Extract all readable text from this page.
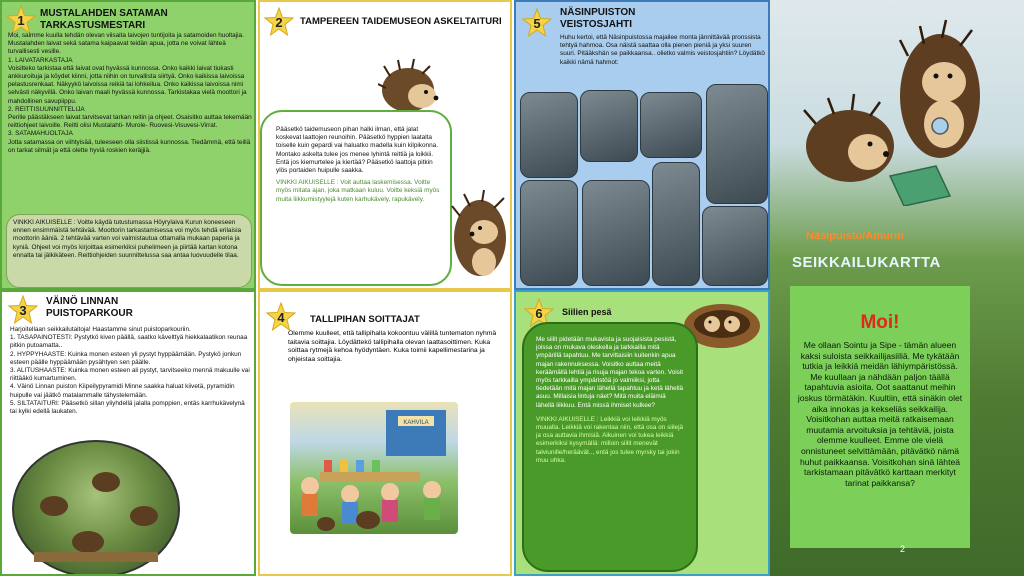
1	MUSTALAHDEN SATAMAN
TARKASTUSMESTARI
Moi, saimme kuulla tehdän olevan viisaita laivojen tuntijoita ja satamoiden huoltajia. Mustalahden laivat sekä satama kaipaavat teidän apua, jotta ne voivat lähteä turvallisesti vesille.
1. LAIVATARKASTAJA
Voisitteko tarkistaa että laivat ovat hyvässä kunnossa. Onko kaikki laivat tiukasti ankkuroituja ja köydet kiinni, jotta niihin on turvallista siirtyä. Onko kaikissa laivoissa pelastusrenkaat. Näkyykö laivoissa reikiä tai lohkeilua. Onko kaikissa laivoissa nimi selvästi näkyvillä. Onko laivan maali hyvässä kunnossa. Tarkistakaa vielä moottori ja mahdollinen savupiippu.
2. REITTISUUNNITTELIJA
Perille päästäkseen laivat tarvitsevat tarkan reitin ja ohjeet. Osaisitko auttaa tekemään reittiohjeet laivoille. Reitti olisi Mustalahti- Murole- Ruovesi-Visuvesi-Virrat.
3. SATAMAHUOLTAJA
Jotta satamassa on viihtyisää, tuleeseen olla siistissä kunnossa. Tiedämmä, että teillä on tarkat silmät ja että olette hyviä roskien keräjjiä.
VINKKI AIKUISELLE : Voitte käydä tutustumassa Höyrylaiva Kurun koneeseen ennen ensimmäistä tehtävää. Moottorin tarkastamisessa voi myös tehdä erilaisia moottorin ääniä. 2 tehtävää varten voi valmistautua ottamalla mukaan paperia ja kyniä. Ohjeet voi myös kirjoittaa esimerkiksi puhelimeen ja piirtää kartan kotona ennalta tai jälkikäteen. Reittiohjeiden suunnittelussa saa antaa luovuudelle tilaa.
2	TAMPEREEN TAIDEMUSEON ASKELTAITURI
Pääsetkö taidemuseon pihan halki ilman, että jalat koskevat laattojen reunoihin. Pääsetkö hyppien laatalta toiselle kuin gepardi vai haluatko madella kuin kilpikonna. Montako askelta tulee jos menee lyhintä reittiä ja loikkii. Entä jos kiemurtelee ja kiertää? Pääsetkö laattoja pitkin ylös portaiden huipulle saakka.
VINKKI AIKUISELLE : Voit auttaa laskemisessa. Voitte myös mitata ajan, joka matkaan kuluu. Voitte keksiä myös muita liikkumistyylejä kuten karhukävely, rapukävely.
5
NÄSINPUISTON
VEISTOSJAHTI
Huhu kertoi, että Näsinpuistossa majailee monta jännittävää pronssista tehtyä hahmoa. Osa näistä saattaa olla pienen pieniä ja yksi suuren suuri. Pitääkshän se paikkaansa.. olietko valmis veistosjahtiin? Löydätkö kaikki nämä hahmot:
3
VÄINÖ LINNAN
PUISTOPARKOUR
Harjoitellaan seikkailutaitoja! Haastamme sinut puistoparkouriin.
1. TASAPAINOTESTI: Pystytkö kiven päällä, saatko kävelttyä hiekkalaatikon reunaa pitkin putoamatta..
2. HYPPYHAASTE: Kuinka monen esteen yli pystyt hyppäämään. Pystykö jonkun esteen päälle hyppäämään pysähtyen sen päälle.
3. ALITUSHAASTE: Kuinka monen esteen ali pystyt, tarvitseeko mennä makuulle vai riittääkö kumartuminen.
4. Väinö Linnan puiston Kiipeilypyramidi Minne saakka haluat kiivetä, pyramidin huipulle vai jäätkö matalammalle tähystelemään.
5. SILTATAITURI: Pääsetkö sillan yliyhdellä jalalla pomppien, entäs karrhukävelynä tai kylki edellä laukaten.
4	TALLIPIHAN SOITTAJAT
Olemme kuulleet, että tallipihalla kokoontuu välillä tuntematon nyhmä taitavia soittajia. Löydättekö tallipihalla olevan laattasoittimen. Kuka soittaa rytmejä kehoa hyödyntäen. Kuka toimii kapellimestarina ja ohjeistaa soittajia.
KAHVILA
6	Siilien pesä
Me siilit pidetään mukavista ja suojaisista pesistä, joissa on mukava oleskella ja tarkkailla mitä ympärillä tapahtuu. Me tarvittaisiin kuitenkin apua majan rakennuksessa. Voisitko auttaa meitä keräämällä lehtiä ja risuja majan tekoa varten. Voisit myös tarkkailla ympäristöä jo valmiiksi, jotta tiedetään mitä majan lähellä tapahtuu ja ketä lähellä asuu. Millaisia lintuja näet? Mitä muita eläimiä lähellä liikkuu. Entä missä ihmiset kulkee?
VINKKI AIKUISELLE : Leikkiä voi leikkiä myös muualla. Leikkiä voi rakentaa niin, että osa on siilejä ja osa auttavia ihmisiä. Aikuinen voi tukea leikkiä esimerkiksi kysymällä: milloin siilit menevät talviunille/heräävät.., entä jos tulee myrsky tai jokin muu uhka.
Näsipuisto/Amurin
SEIKKAILUKARTTA
Moi!
Me ollaan Sointu ja Sipe - tämän alueen kaksi suloista seikkailijasiiliä. Me tykätään tutkia ja leikkiä meidän lähiympäristössä. Me kuullaan ja nähdään paljon täällä tapahtuvia asioita. Oot saattanut meihin joskus törmätäkin. Kuultiin, että sinäkin olet aika innokas ja kekseliäs seikkailija. Voisitkohan auttaa meitä ratkaisemaan muutamia arvoituksia ja tehtäviä, joista olemme kuulleet. Emme ole vielä onnistuneet selvittämään, pitävätkö nämä huhut paikkaansa. Voisitkohan sinä lähteä tarkistamaan pitävätkö karttaan merkityt tarinat paikkansa?
2
